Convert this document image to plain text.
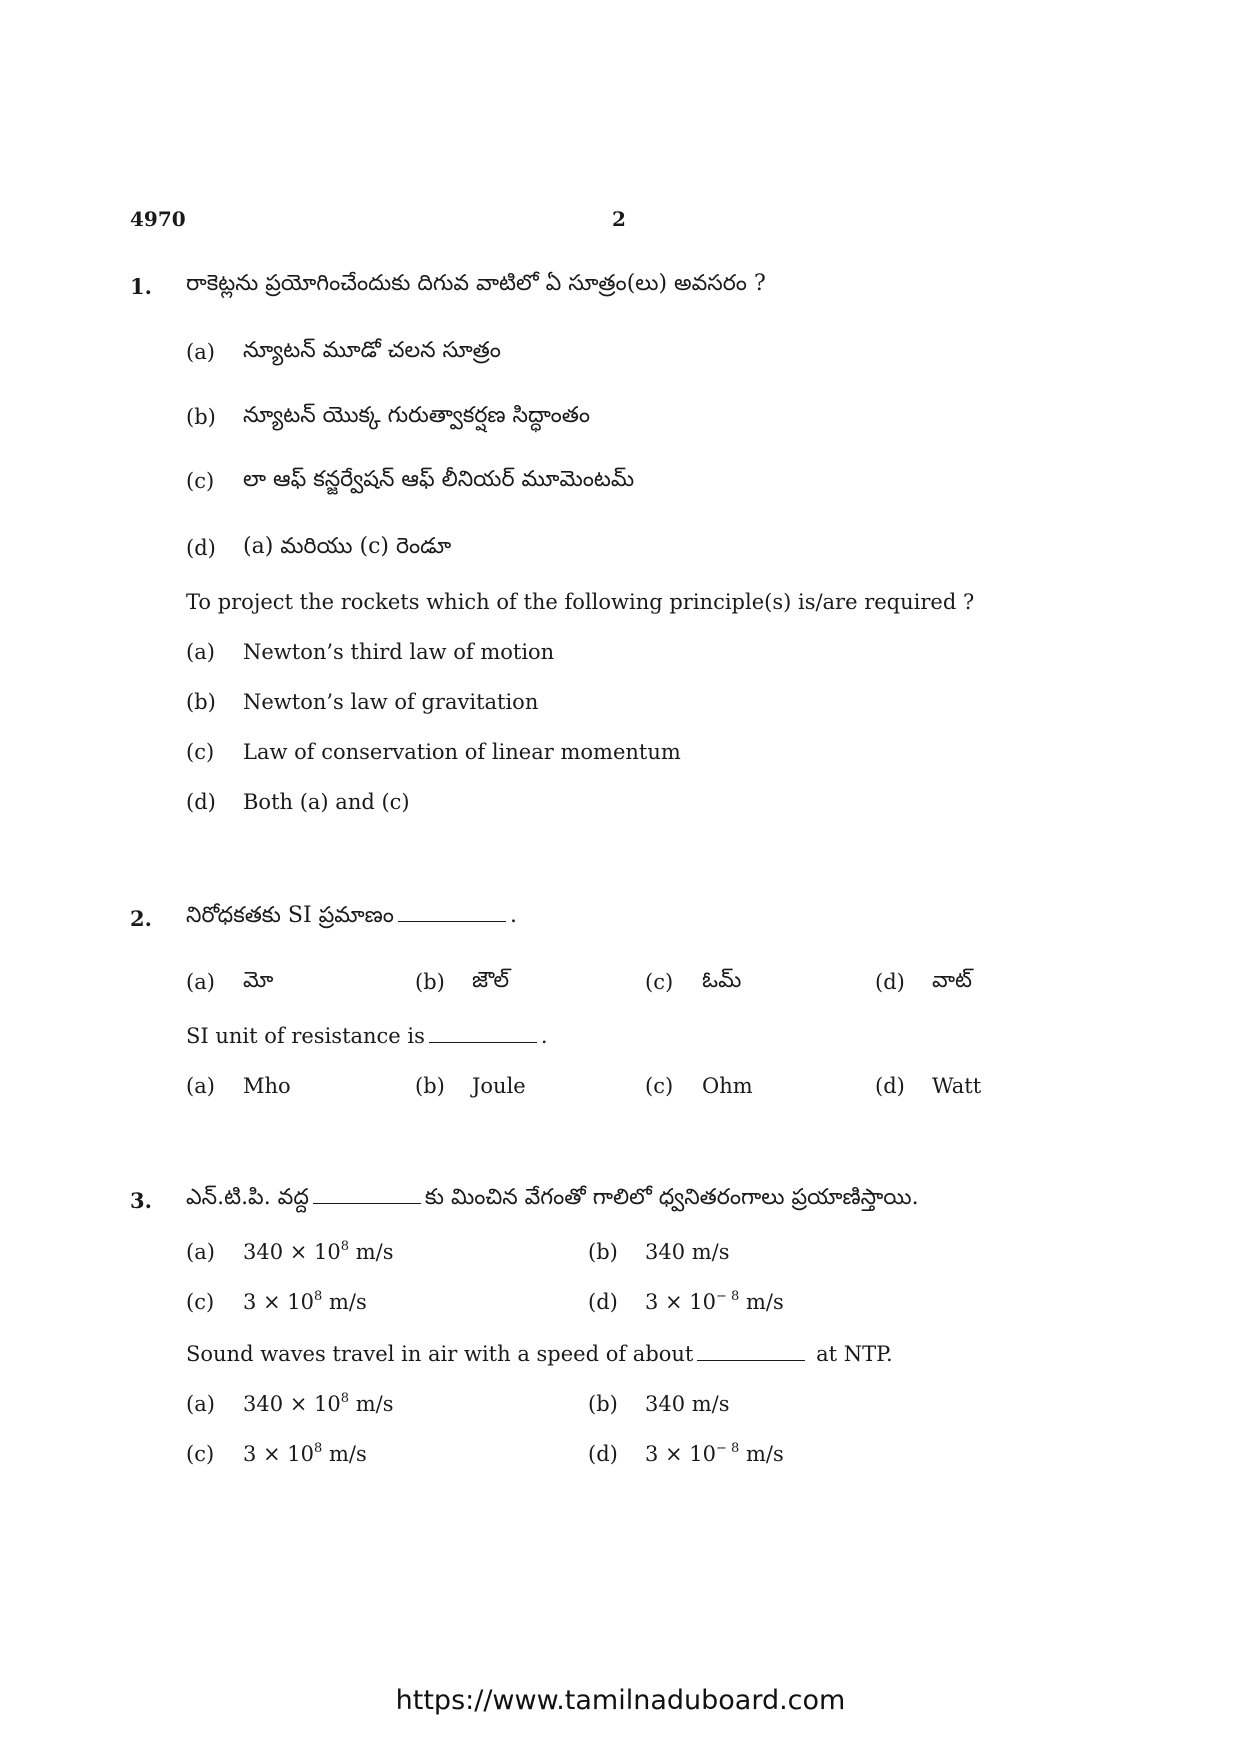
4970	2
1. రాకెట్లను ప్రయోగించేందుకు దిగువ వాటిలో ఏ సూత్రం(లు) అవసరం ?
(a) న్యూటన్ మూడో చలన సూత్రం
(b) న్యూటన్ యొక్క గురుత్వాకర్షణ సిద్ధాంతం
(c) లా ఆఫ్ కన్జర్వేషన్ ఆఫ్ లీనియర్ మూమెంటమ్
(d) (a) మరియు (c) రెండూ
To project the rockets which of the following principle(s) is/are required ?
(a) Newton’s third law of motion
(b) Newton’s law of gravitation
(c) Law of conservation of linear momentum
(d) Both (a) and (c)
2. నిరోధకతకు SI ప్రమాణం	.
(a) మో	(b) జౌల్	(c) ఓమ్	(d) వాట్
SI unit of resistance is	.
(a) Mho	(b) Joule	(c) Ohm	(d) Watt
3. ఎన్.టి.పి. వద్ద	కు మించిన వేగంతో గాలిలో ధ్వనితరంగాలు ప్రయాణిస్తాయి.
(a) $340 \times 10^8$ m/s	(b) 340 m/s
(c) $3 \times 10^8$ m/s	(d) $3 \times 10^{- 8}$ m/s
Sound waves travel in air with a speed of about	at NTP.
(a) $340 \times 10^8$ m/s	(b) 340 m/s
(c) $3 \times 10^8$ m/s	(d) $3 \times 10^{- 8}$ m/s
https://www.tamilnaduboard.com
